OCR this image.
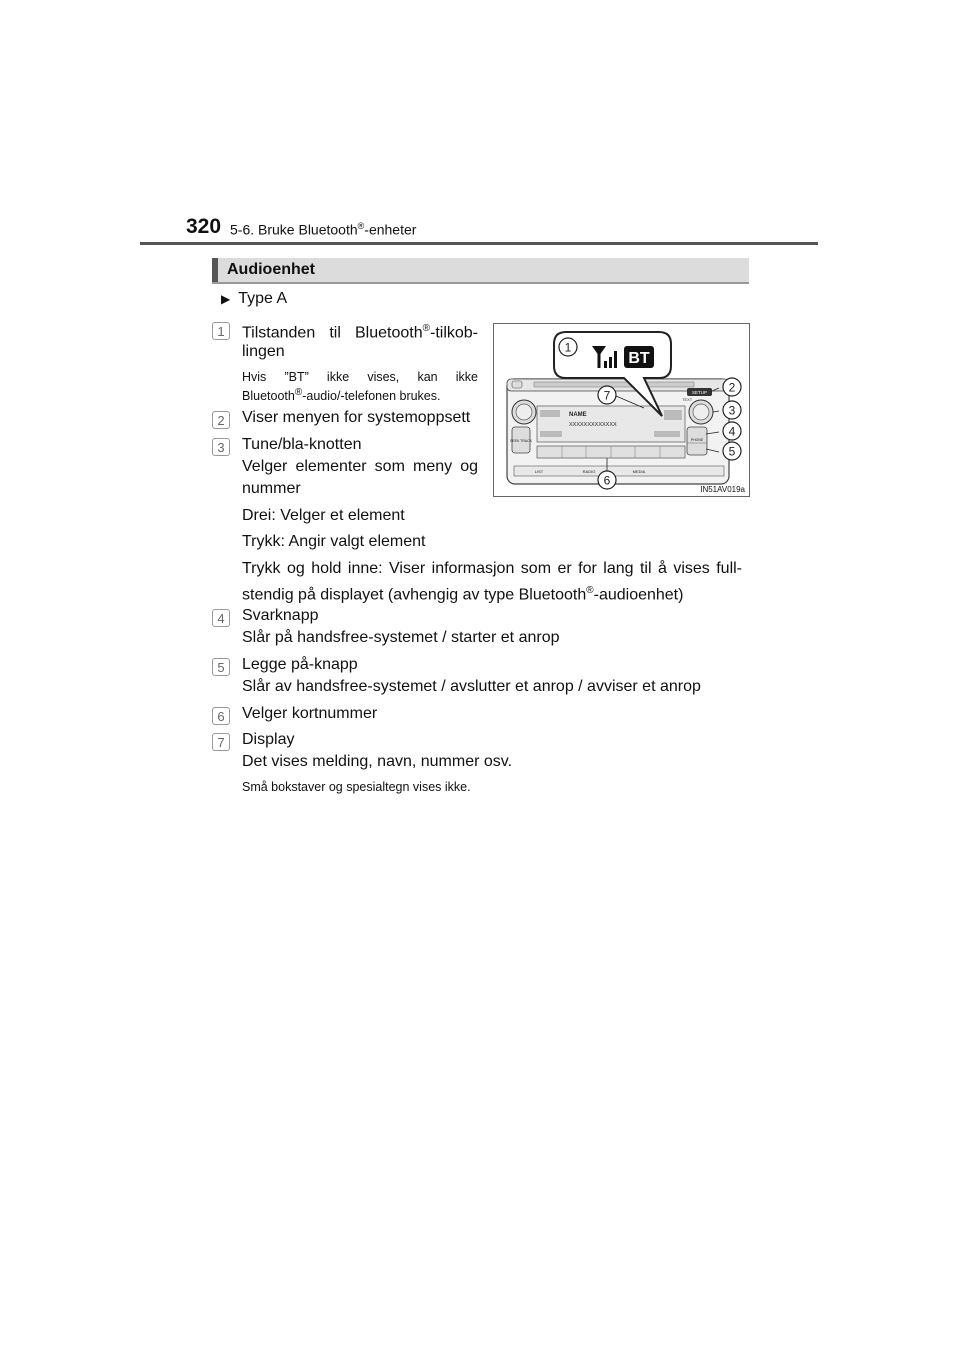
320 5-6. Bruke Bluetooth®-enheter
Audioenhet
▶ Type A
1	Tilstanden til Bluetooth®-tilkob-
lingen
Hvis ”BT” ikke vises, kan ikke
Bluetooth®-audio/-telefonen brukes.
2	Viser menyen for systemoppsett
3	Tune/bla-knotten
Velger elementer som meny og
nummer
Drei: Velger et element
Trykk: Angir valgt element
Trykk og hold inne: Viser informasjon som er for lang til å vises full-
stendig på displayet (avhengig av type Bluetooth®-audioenhet)
4	Svarknapp
Slår på handsfree-systemet / starter et anrop
5	Legge på-knapp
Slår av handsfree-systemet / avslutter et anrop / avviser et anrop
6	Velger kortnummer
7	Display
Det vises melding, navn, nummer osv.
Små bokstaver og spesialtegn vises ikke.
SETUP
TEXT
NAME
XXXXXXXXXXXXX
SEEK TRACK	PHONE
LIST	RADIO	MEDIA
BT
1
2
3
4
5
6
7
IN51AV019a
